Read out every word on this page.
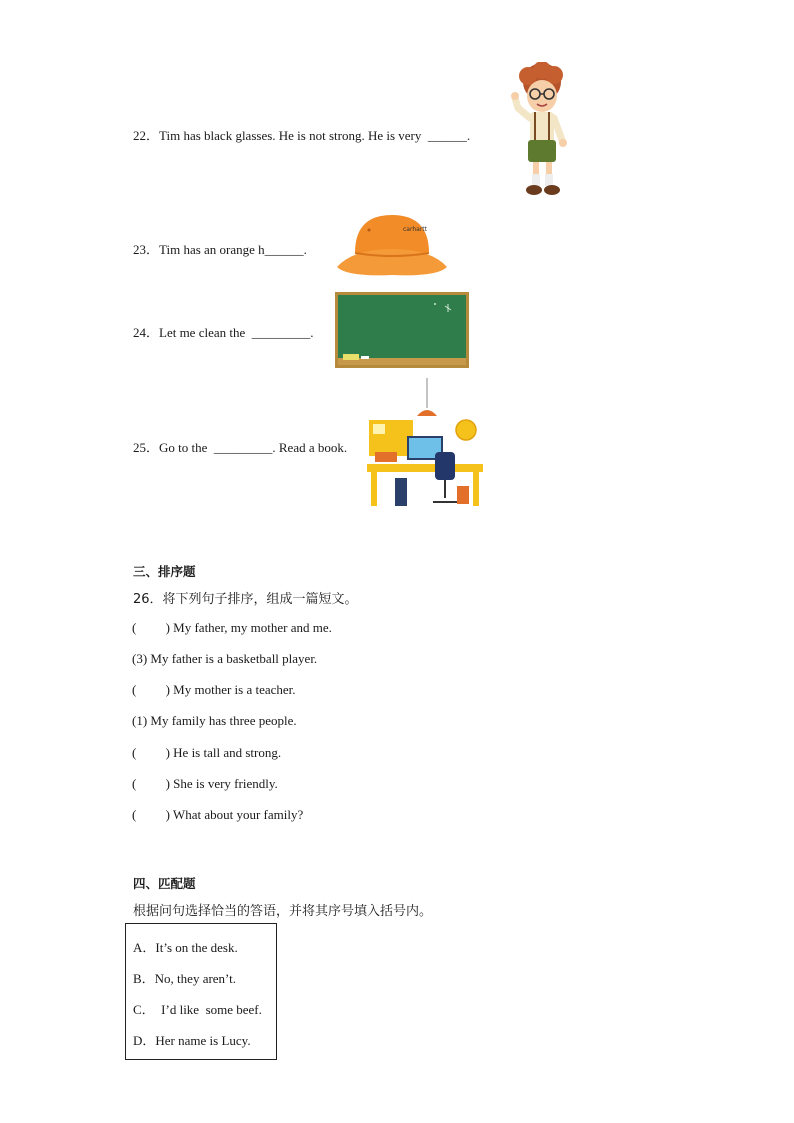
22．Tim has black glasses. He is not strong. He is very  ______.
23．Tim has an orange h______.
carhartt
24．Let me clean the  _________.
25．Go to the  _________. Read a book.
三、排序题
26．将下列句子排序，组成一篇短文。
(         ) My father, my mother and me.
(3) My father is a basketball player.
(         ) My mother is a teacher.
(1) My family has three people.
(         ) He is tall and strong.
(         ) She is very friendly.
(         ) What about your family?
四、匹配题
根据问句选择恰当的答语，并将其序号填入括号内。
A．It’s on the desk.
B．No, they aren’t.
C．  I’d like  some beef.
D．Her name is Lucy.
